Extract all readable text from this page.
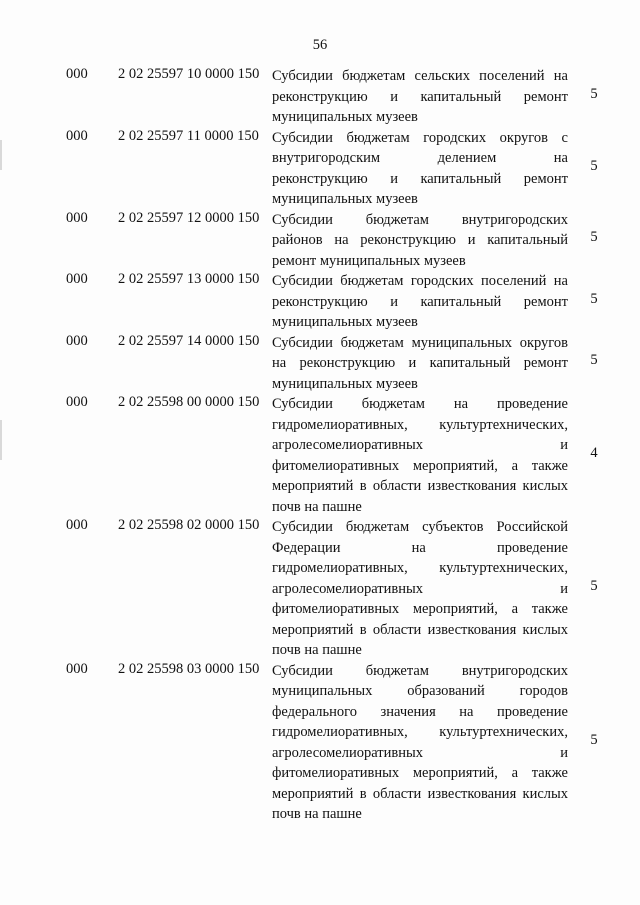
56
000	2 02 25597 10 0000 150 Субсидии бюджетам сельских поселений на
реконструкцию и капитальный ремонт
муниципальных музеев
5
000	2 02 25597 11 0000 150 Субсидии бюджетам городских округов с
внутригородским делением на
реконструкцию и капитальный ремонт
муниципальных музеев
5
000	2 02 25597 12 0000 150 Субсидии бюджетам внутригородских
районов на реконструкцию и капитальный
ремонт муниципальных музеев
5
000	2 02 25597 13 0000 150 Субсидии бюджетам городских поселений на
реконструкцию и капитальный ремонт
муниципальных музеев
5
000	2 02 25597 14 0000 150 Субсидии бюджетам муниципальных округов
на реконструкцию и капитальный ремонт
муниципальных музеев
5
000	2 02 25598 00 0000 150 Субсидии бюджетам на проведение
гидромелиоративных, культуртехнических,
агролесомелиоративных и
фитомелиоративных мероприятий, а также
мероприятий в области известкования кислых
почв на пашне
4
000	2 02 25598 02 0000 150 Субсидии бюджетам субъектов Российской
Федерации на проведение
гидромелиоративных, культуртехнических,
агролесомелиоративных и
фитомелиоративных мероприятий, а также
мероприятий в области известкования кислых
почв на пашне
5
000	2 02 25598 03 0000 150 Субсидии бюджетам внутригородских
муниципальных образований городов
федерального значения на проведение
гидромелиоративных, культуртехнических,
агролесомелиоративных и
фитомелиоративных мероприятий, а также
мероприятий в области известкования кислых
почв на пашне
5
